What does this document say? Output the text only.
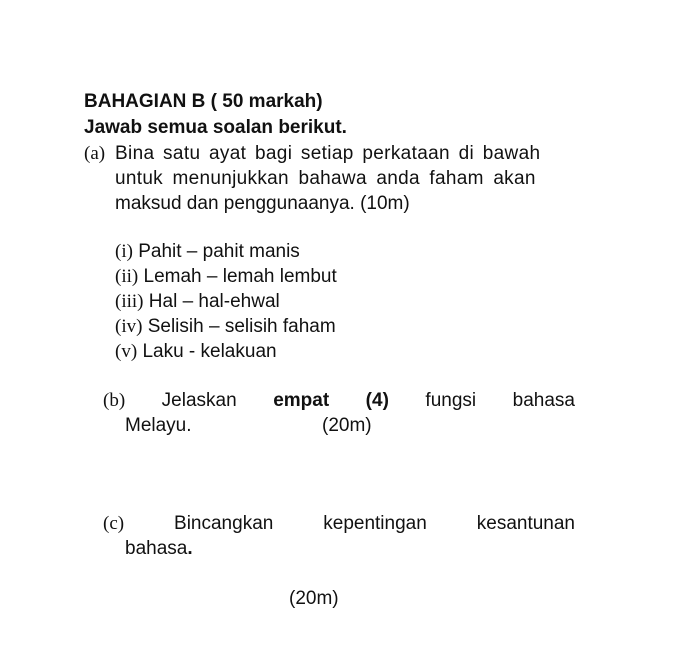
BAHAGIAN B ( 50 markah)
Jawab semua soalan berikut.
(a) Bina satu ayat bagi setiap perkataan di bawah
untuk menunjukkan bahawa anda faham akan
maksud dan penggunaanya. (10m)
(i) Pahit – pahit manis
(ii) Lemah – lemah lembut
(iii) Hal – hal-ehwal
(iv) Selisih – selisih faham
(v) Laku - kelakuan
(b) Jelaskan empat (4) fungsi bahasa
Melayu.	(20m)
(c)	Bincangkan	kepentingan	kesantunan
bahasa.
(20m)
